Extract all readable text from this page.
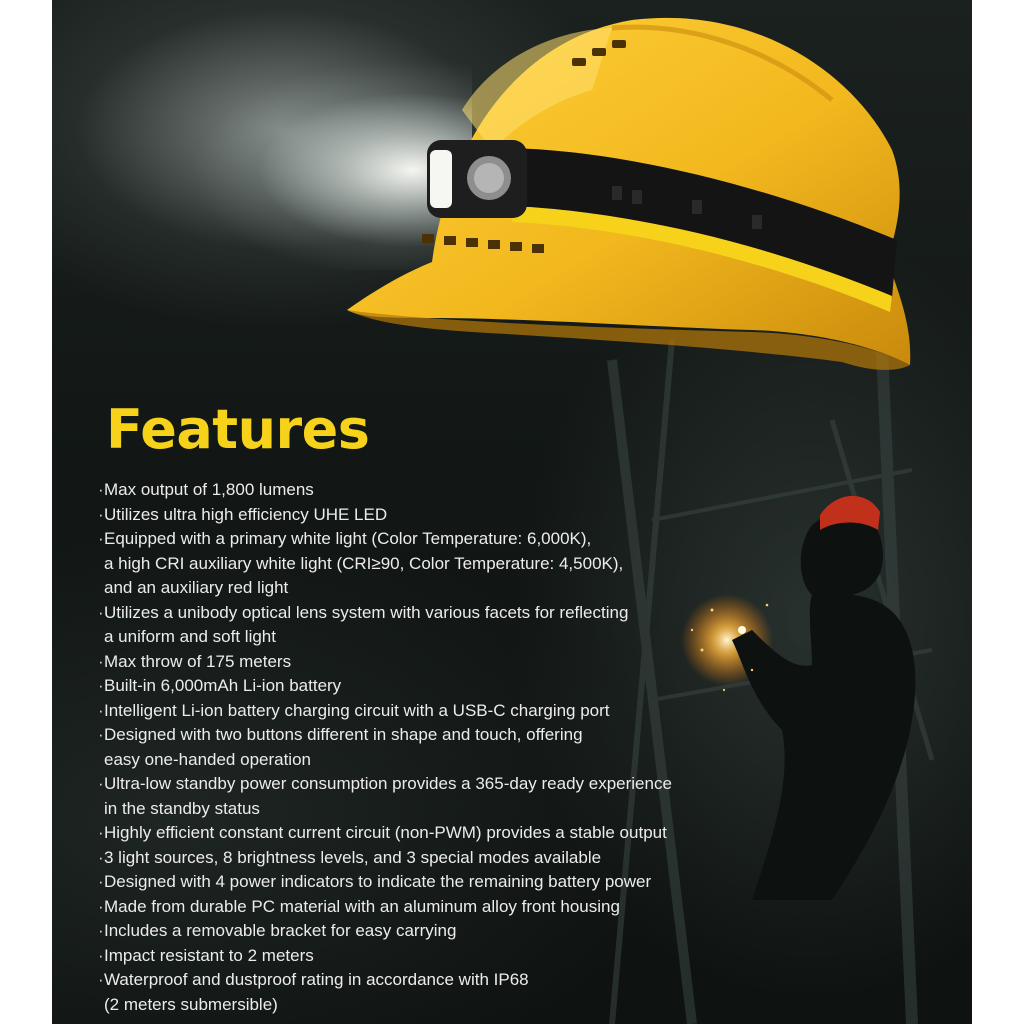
Features
·Max output of 1,800 lumens
·Utilizes ultra high efficiency UHE LED
·Equipped with a primary white light (Color Temperature: 6,000K),
a high CRI auxiliary white light (CRI≥90, Color Temperature: 4,500K),
and an auxiliary red light
·Utilizes a unibody optical lens system with various facets for reflecting
a uniform and soft light
·Max throw of 175 meters
·Built-in 6,000mAh Li-ion battery
·Intelligent Li-ion battery charging circuit with a USB-C charging port
·Designed with two buttons different in shape and touch, offering
easy one-handed operation
·Ultra-low standby power consumption provides a 365-day ready experience
in the standby status
·Highly efficient constant current circuit (non-PWM) provides a stable output
·3 light sources, 8 brightness levels, and 3 special modes available
·Designed with 4 power indicators to indicate the remaining battery power
·Made from durable PC material with an aluminum alloy front housing
·Includes a removable bracket for easy carrying
·Impact resistant to 2 meters
·Waterproof and dustproof rating in accordance with IP68
(2 meters submersible)
